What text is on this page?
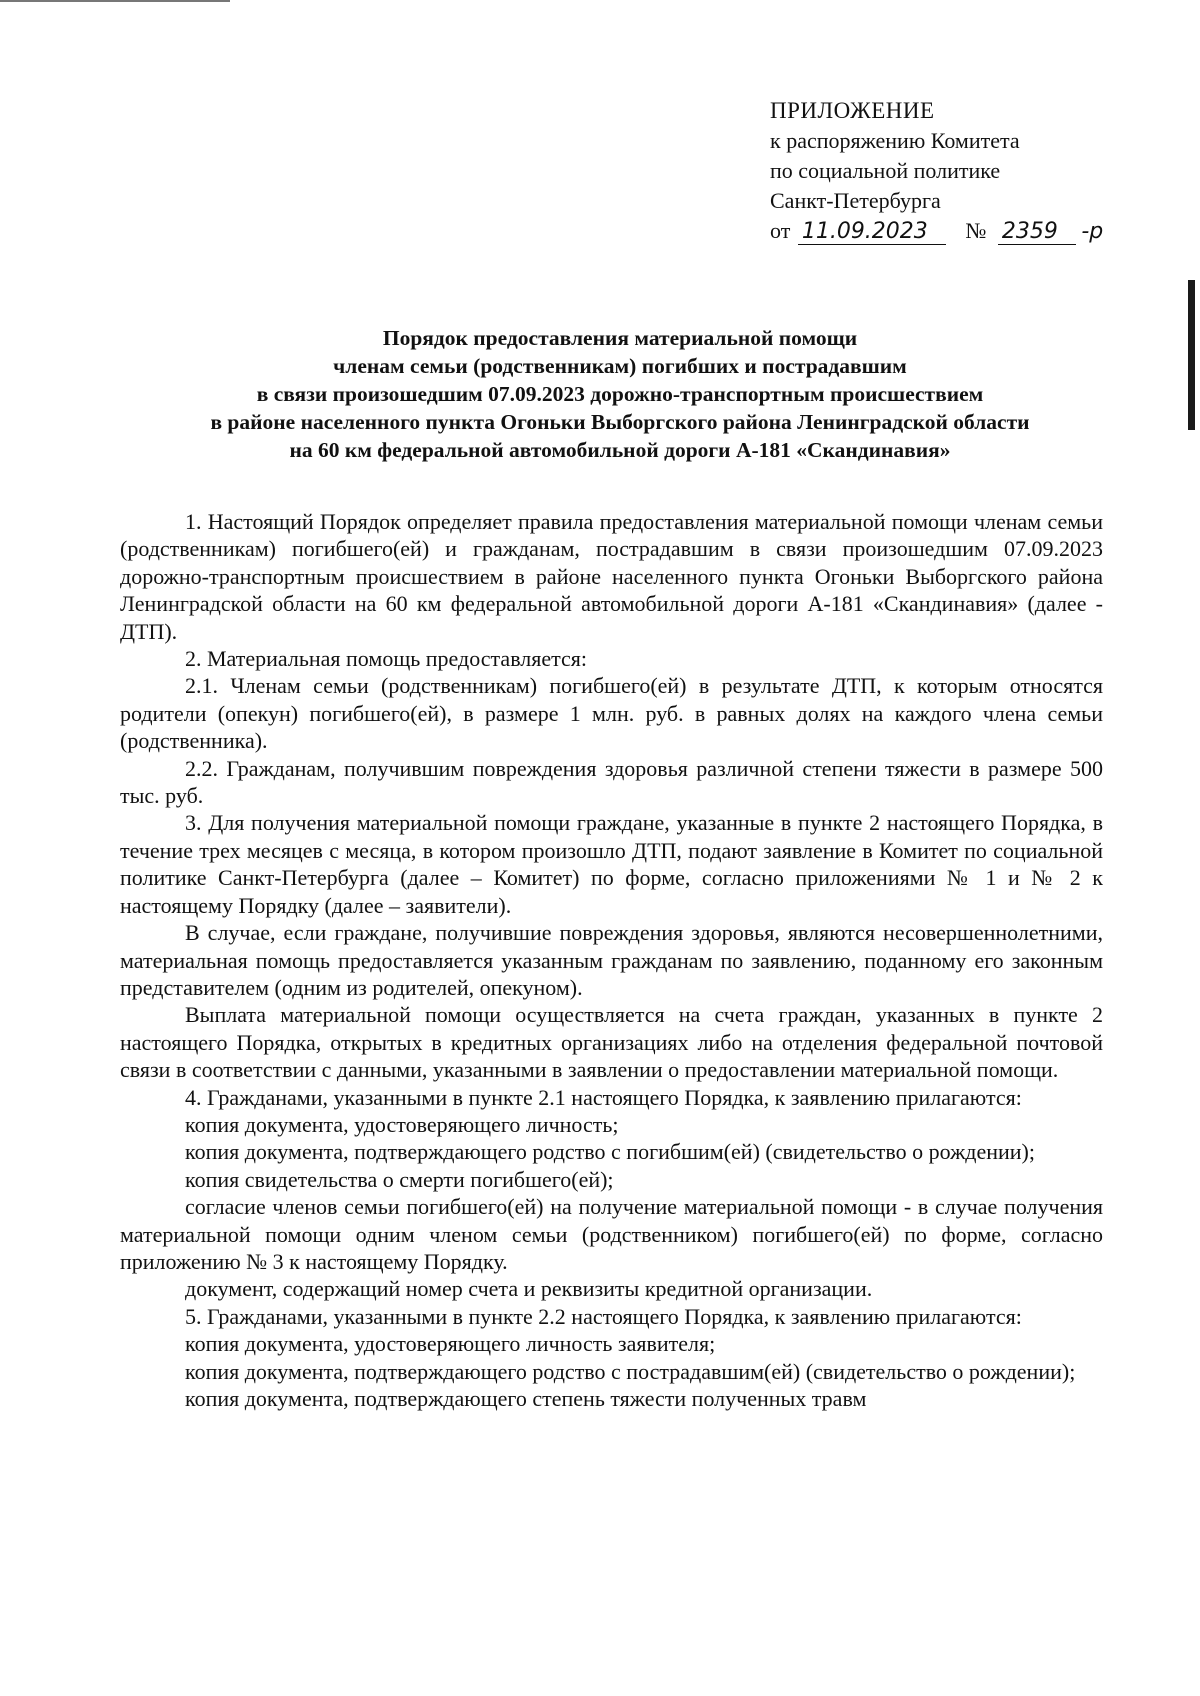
ПРИЛОЖЕНИЕ
к распоряжению Комитета
по социальной политике
Санкт-Петербурга
от 11.09.2023 № 2359 -р
Порядок предоставления материальной помощи
членам семьи (родственникам) погибших и пострадавшим
в связи произошедшим 07.09.2023 дорожно-транспортным происшествием
в районе населенного пункта Огоньки Выборгского района Ленинградской области
на 60 км федеральной автомобильной дороги А-181 «Скандинавия»

1. Настоящий Порядок определяет правила предоставления материальной помощи членам семьи (родственникам) погибшего(ей) и гражданам, пострадавшим в связи произошедшим 07.09.2023 дорожно-транспортным происшествием в районе населенного пункта Огоньки Выборгского района Ленинградской области на 60 км федеральной автомобильной дороги А-181 «Скандинавия» (далее - ДТП).

2. Материальная помощь предоставляется:

2.1. Членам семьи (родственникам) погибшего(ей) в результате ДТП, к которым относятся родители (опекун) погибшего(ей), в размере 1 млн. руб. в равных долях на каждого члена семьи (родственника).

2.2. Гражданам, получившим повреждения здоровья различной степени тяжести в размере 500 тыс. руб.

3. Для получения материальной помощи граждане, указанные в пункте 2 настоящего Порядка, в течение трех месяцев с месяца, в котором произошло ДТП, подают заявление в Комитет по социальной политике Санкт-Петербурга (далее – Комитет) по форме, согласно приложениями № 1 и № 2 к настоящему Порядку (далее – заявители).

В случае, если граждане, получившие повреждения здоровья, являются несовершеннолетними, материальная помощь предоставляется указанным гражданам по заявлению, поданному его законным представителем (одним из родителей, опекуном).

Выплата материальной помощи осуществляется на счета граждан, указанных в пункте 2 настоящего Порядка, открытых в кредитных организациях либо на отделения федеральной почтовой связи в соответствии с данными, указанными в заявлении о предоставлении материальной помощи.

4. Гражданами, указанными в пункте 2.1 настоящего Порядка, к заявлению прилагаются:

копия документа, удостоверяющего личность;

копия документа, подтверждающего родство с погибшим(ей) (свидетельство о рождении);

копия свидетельства о смерти погибшего(ей);

согласие членов семьи погибшего(ей) на получение материальной помощи - в случае получения материальной помощи одним членом семьи (родственником) погибшего(ей) по форме, согласно приложению № 3 к настоящему Порядку.

документ, содержащий номер счета и реквизиты кредитной организации.

5. Гражданами, указанными в пункте 2.2 настоящего Порядка, к заявлению прилагаются:

копия документа, удостоверяющего личность заявителя;

копия документа, подтверждающего родство с пострадавшим(ей) (свидетельство о рождении);

копия документа, подтверждающего степень тяжести полученных травм
